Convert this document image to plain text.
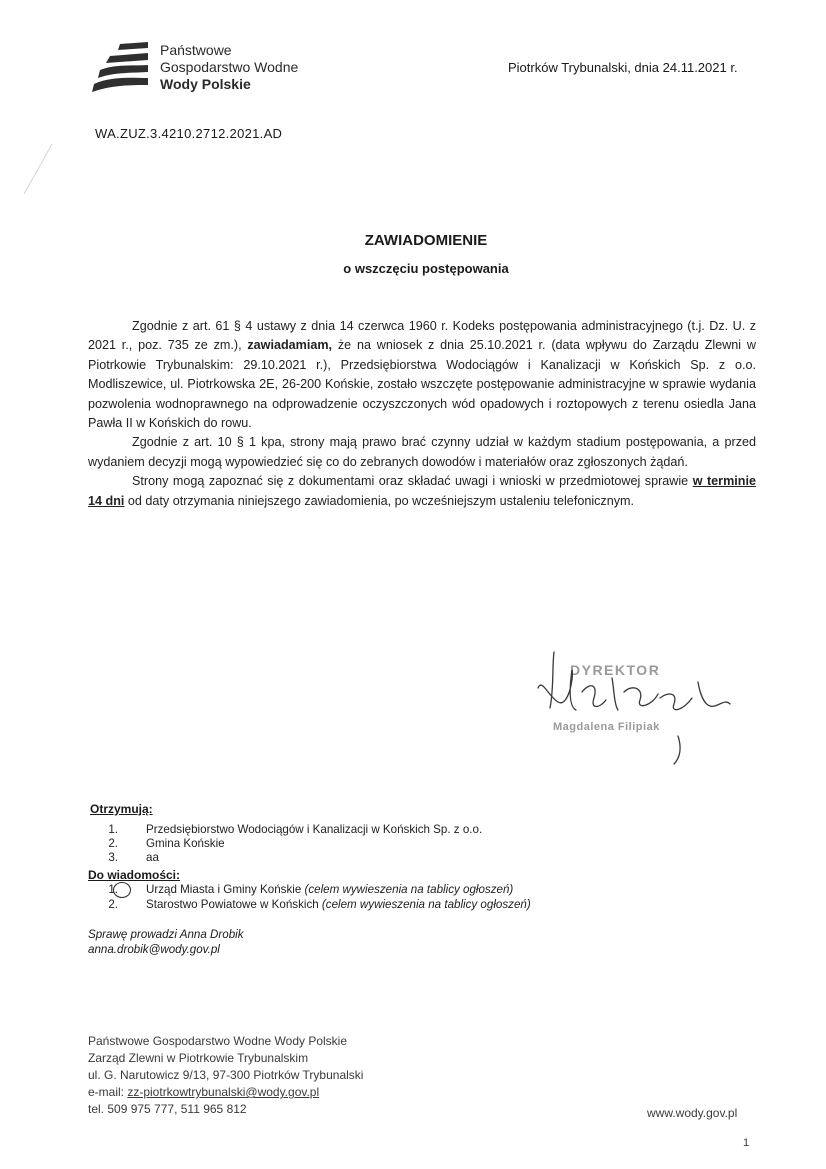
Państwowe
Gospodarstwo Wodne
Wody Polskie
Piotrków Trybunalski, dnia 24.11.2021 r.
WA.ZUZ.3.4210.2712.2021.AD
ZAWIADOMIENIE
o wszczęciu postępowania

Zgodnie z art. 61 § 4 ustawy z dnia 14 czerwca 1960 r. Kodeks postępowania administracyjnego (t.j. Dz. U. z 2021 r., poz. 735 ze zm.), zawiadamiam, że na wniosek z dnia 25.10.2021 r. (data wpływu do Zarządu Zlewni w Piotrkowie Trybunalskim: 29.10.2021 r.), Przedsiębiorstwa Wodociągów i Kanalizacji w Końskich Sp. z o.o. Modliszewice, ul. Piotrkowska 2E, 26-200 Końskie, zostało wszczęte postępowanie administracyjne w sprawie wydania pozwolenia wodnoprawnego na odprowadzenie oczyszczonych wód opadowych i roztopowych z terenu osiedla Jana Pawła II w Końskich do rowu.

Zgodnie z art. 10 § 1 kpa, strony mają prawo brać czynny udział w każdym stadium postępowania, a przed wydaniem decyzji mogą wypowiedzieć się co do zebranych dowodów i materiałów oraz zgłoszonych żądań.

Strony mogą zapoznać się z dokumentami oraz składać uwagi i wnioski w przedmiotowej sprawie w terminie 14 dni od daty otrzymania niniejszego zawiadomienia, po wcześniejszym ustaleniu telefonicznym.

DYREKTOR
Magdalena Filipiak
Otrzymują:
1. Przedsiębiorstwo Wodociągów i Kanalizacji w Końskich Sp. z o.o.
2. Gmina Końskie
3. aa
Do wiadomości:
1. Urząd Miasta i Gminy Końskie (celem wywieszenia na tablicy ogłoszeń)
2. Starostwo Powiatowe w Końskich (celem wywieszenia na tablicy ogłoszeń)
Sprawę prowadzi Anna Drobik
anna.drobik@wody.gov.pl
Państwowe Gospodarstwo Wodne Wody Polskie
Zarząd Zlewni w Piotrkowie Trybunalskim
ul. G. Narutowicz 9/13, 97-300 Piotrków Trybunalski
e-mail: zz-piotrkowtrybunalski@wody.gov.pl
tel. 509 975 777, 511 965 812	www.wody.gov.pl
1
